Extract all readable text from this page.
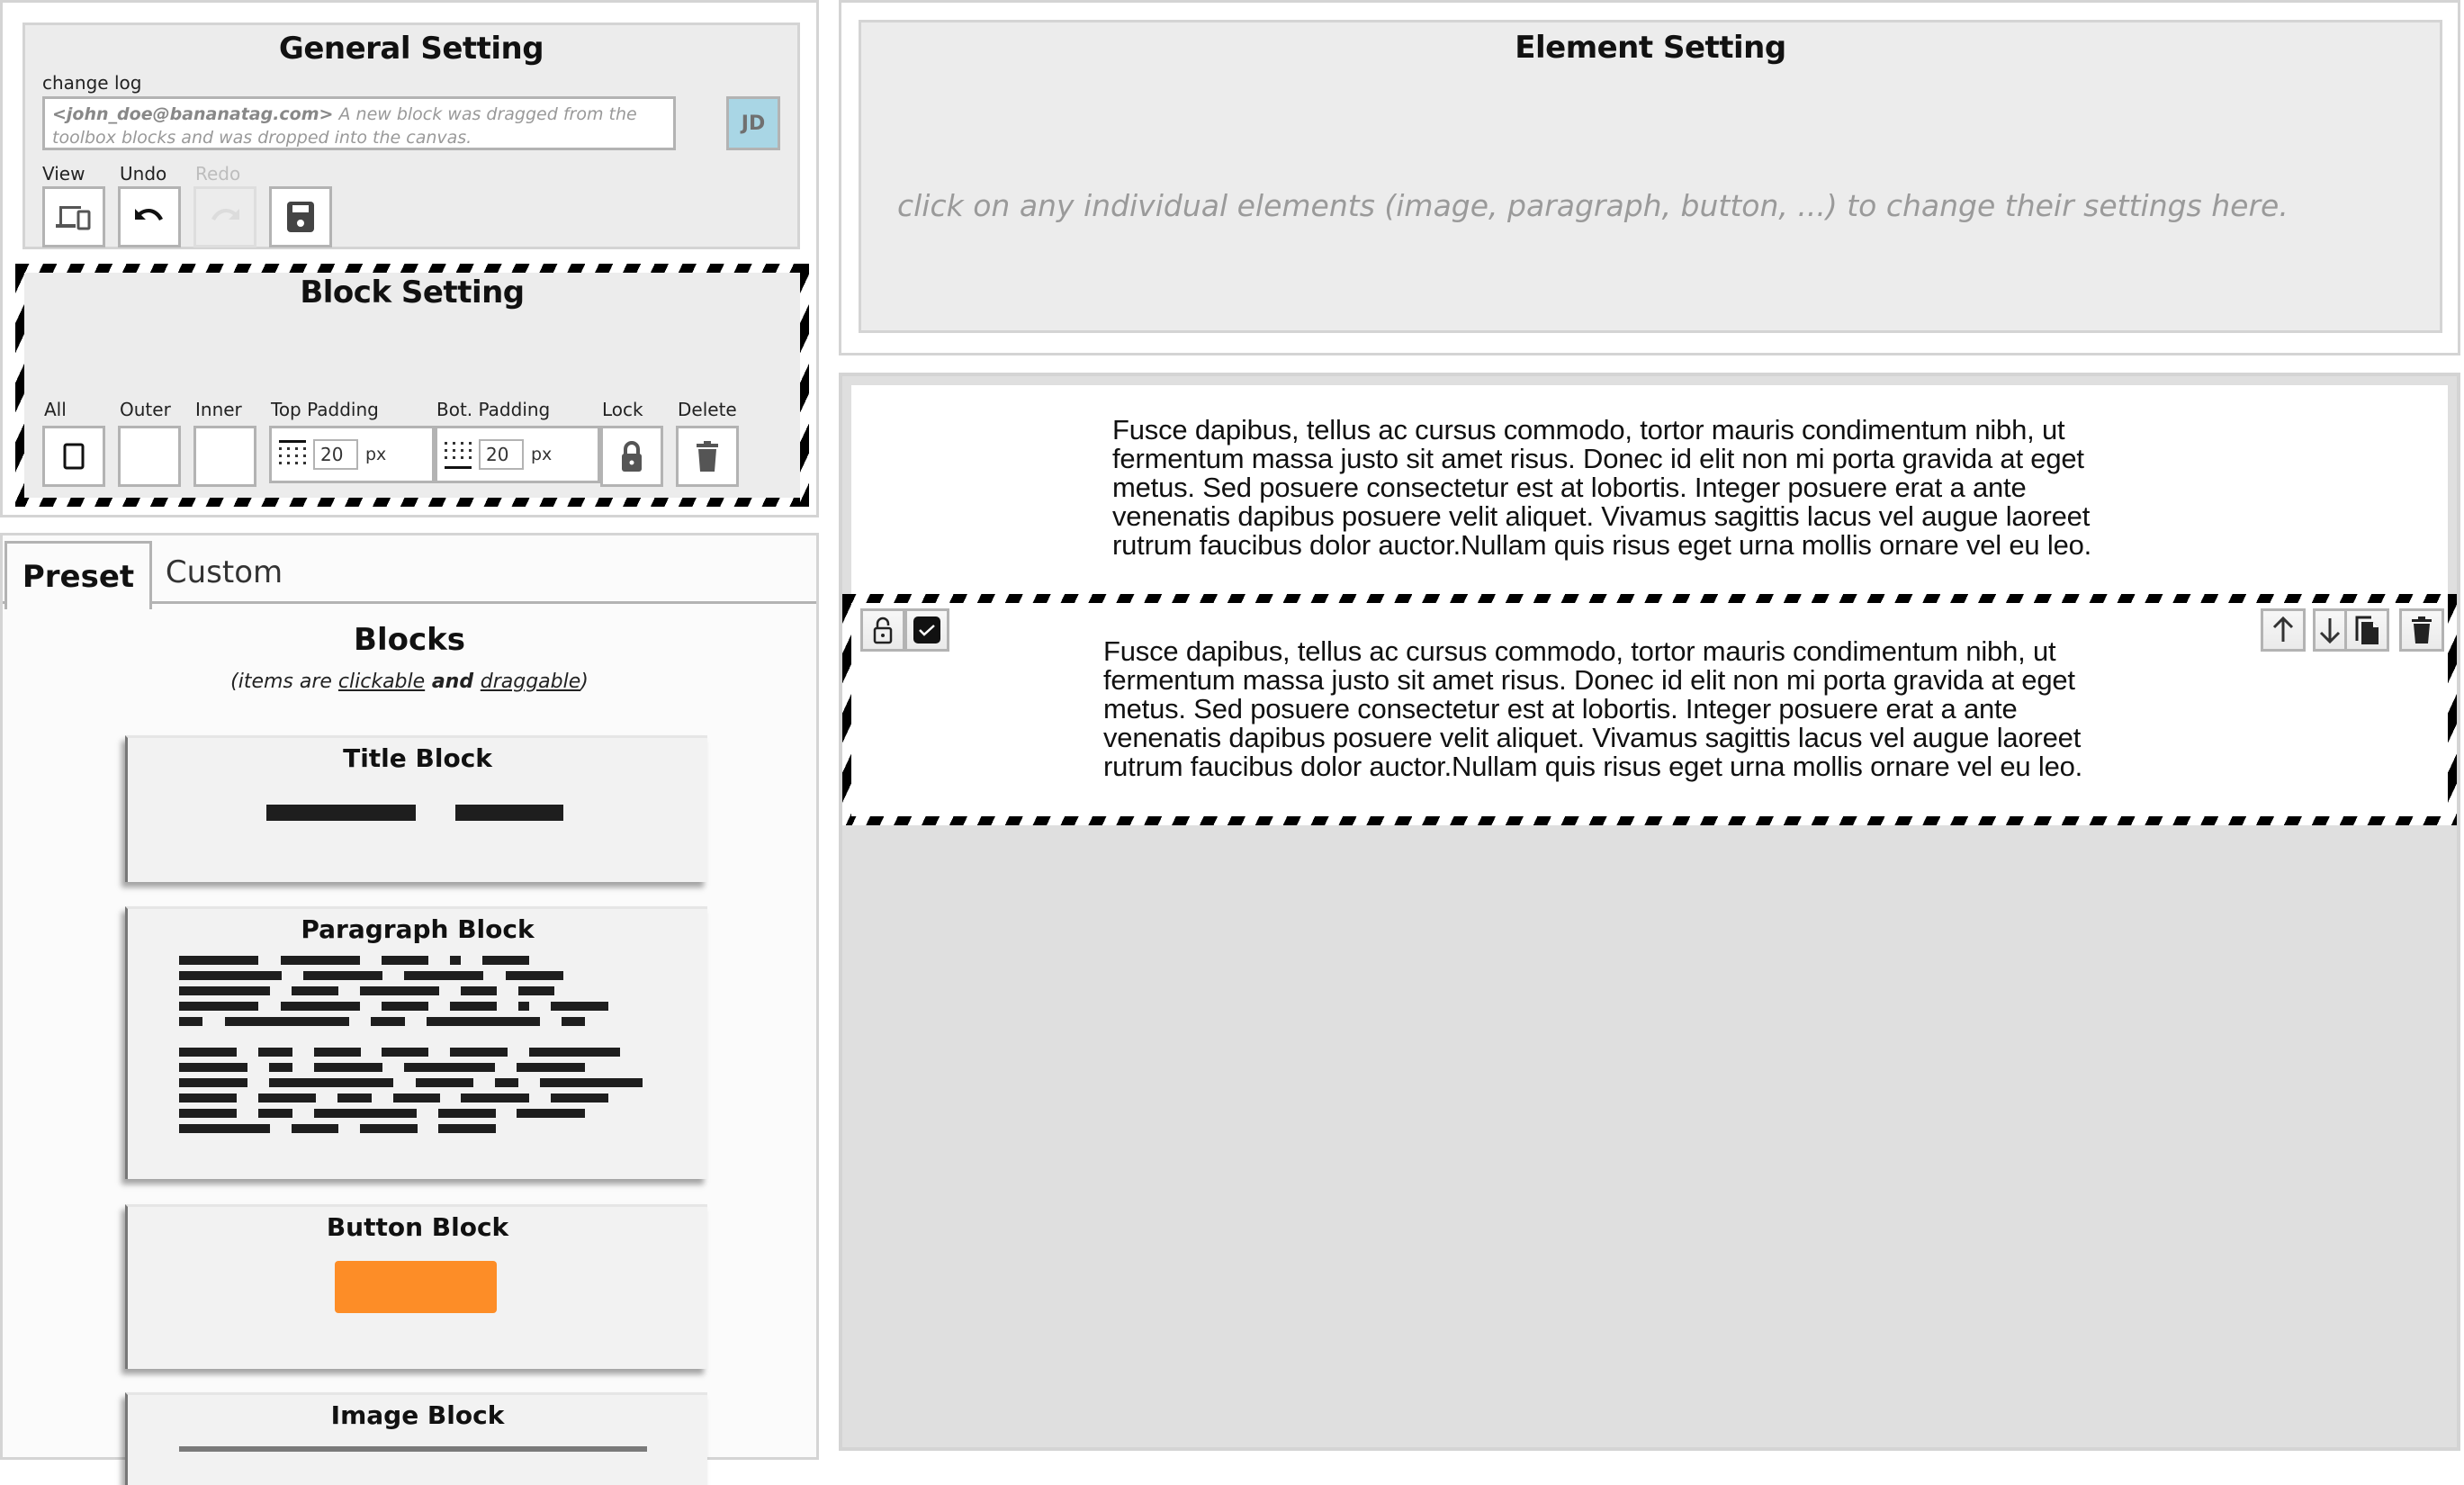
General Setting
change log
<john_doe@bananatag.com> A new block was dragged from the toolbox blocks and was dropped into the canvas.
JD
View Undo Redo
Block Setting
All	Outer Inner Top Padding	Bot. Padding	Lock Delete
20	px	20	px
Preset	Custom
Blocks
(items are clickable and draggable)
Title Block
Paragraph Block
Button Block
Image Block
Element Setting
click on any individual elements (image, paragraph, button, ...) to change their settings here.
Fusce dapibus, tellus ac cursus commodo, tortor mauris condimentum nibh, ut fermentum massa justo sit amet risus. Donec id elit non mi porta gravida at eget metus. Sed posuere consectetur est at lobortis. Integer posuere erat a ante venenatis dapibus posuere velit aliquet. Vivamus sagittis lacus vel augue laoreet rutrum faucibus dolor auctor.Nullam quis risus eget urna mollis ornare vel eu leo.
Fusce dapibus, tellus ac cursus commodo, tortor mauris condimentum nibh, ut fermentum massa justo sit amet risus. Donec id elit non mi porta gravida at eget metus. Sed posuere consectetur est at lobortis. Integer posuere erat a ante venenatis dapibus posuere velit aliquet. Vivamus sagittis lacus vel augue laoreet rutrum faucibus dolor auctor.Nullam quis risus eget urna mollis ornare vel eu leo.
